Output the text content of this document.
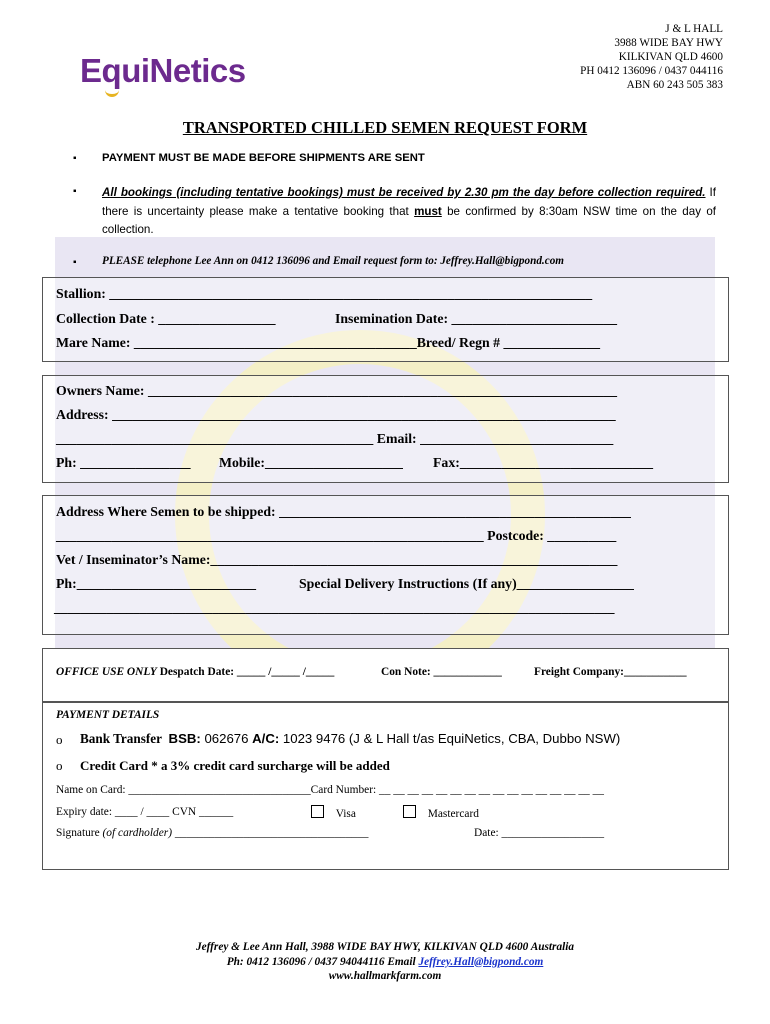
EquiNetics
J & L HALL
3988 WIDE BAY HWY
KILKIVAN QLD 4600
PH 0412 136096 / 0437 044116
ABN 60 243 505 383
TRANSPORTED CHILLED SEMEN REQUEST FORM
▪ PAYMENT MUST BE MADE BEFORE SHIPMENTS ARE SENT
▪ All bookings (including tentative bookings) must be received by 2.30 pm the day before collection required. If there is uncertainty please make a tentative booking that must be confirmed by 8:30am NSW time on the day of collection.
▪ PLEASE telephone Lee Ann on 0412 136096 and Email request form to: Jeffrey.Hall@bigpond.com
Stallion: ______________________________________________________________________
Collection Date : _________________	Insemination Date: ________________________
Mare Name: _________________________________________Breed/ Regn # ______________
Owners Name: ____________________________________________________________________
Address: _________________________________________________________________________
______________________________________________ Email: ____________________________
Ph: ________________ Mobile:____________________ Fax:____________________________
Address Where Semen to be shipped: ___________________________________________________
______________________________________________________________ Postcode: __________
Vet / Inseminator’s Name:___________________________________________________________
Ph:__________________________	Special Delivery Instructions (If any)_________________
_____________________________________________________________________________________
OFFICE USE ONLY Despatch Date: _____ /_____ /_____	Con Note: ____________	Freight Company:___________
PAYMENT DETAILS
o Bank Transfer BSB: 062676 A/C: 1023 9476 (J & L Hall t/as EquiNetics, CBA, Dubbo NSW)
o Credit Card * a 3% credit card surcharge will be added
Name on Card: ________________________________Card Number: __ __ __ __ __ __ __ __ __ __ __ __ __ __ __ __
Expiry date: ____ / ____ CVN ______	Visa	Mastercard
Signature (of cardholder) __________________________________	Date: __________________
Jeffrey & Lee Ann Hall, 3988 WIDE BAY HWY, KILKIVAN QLD 4600 Australia
Ph: 0412 136096 / 0437 94044116 Email Jeffrey.Hall@bigpond.com
www.hallmarkfarm.com
